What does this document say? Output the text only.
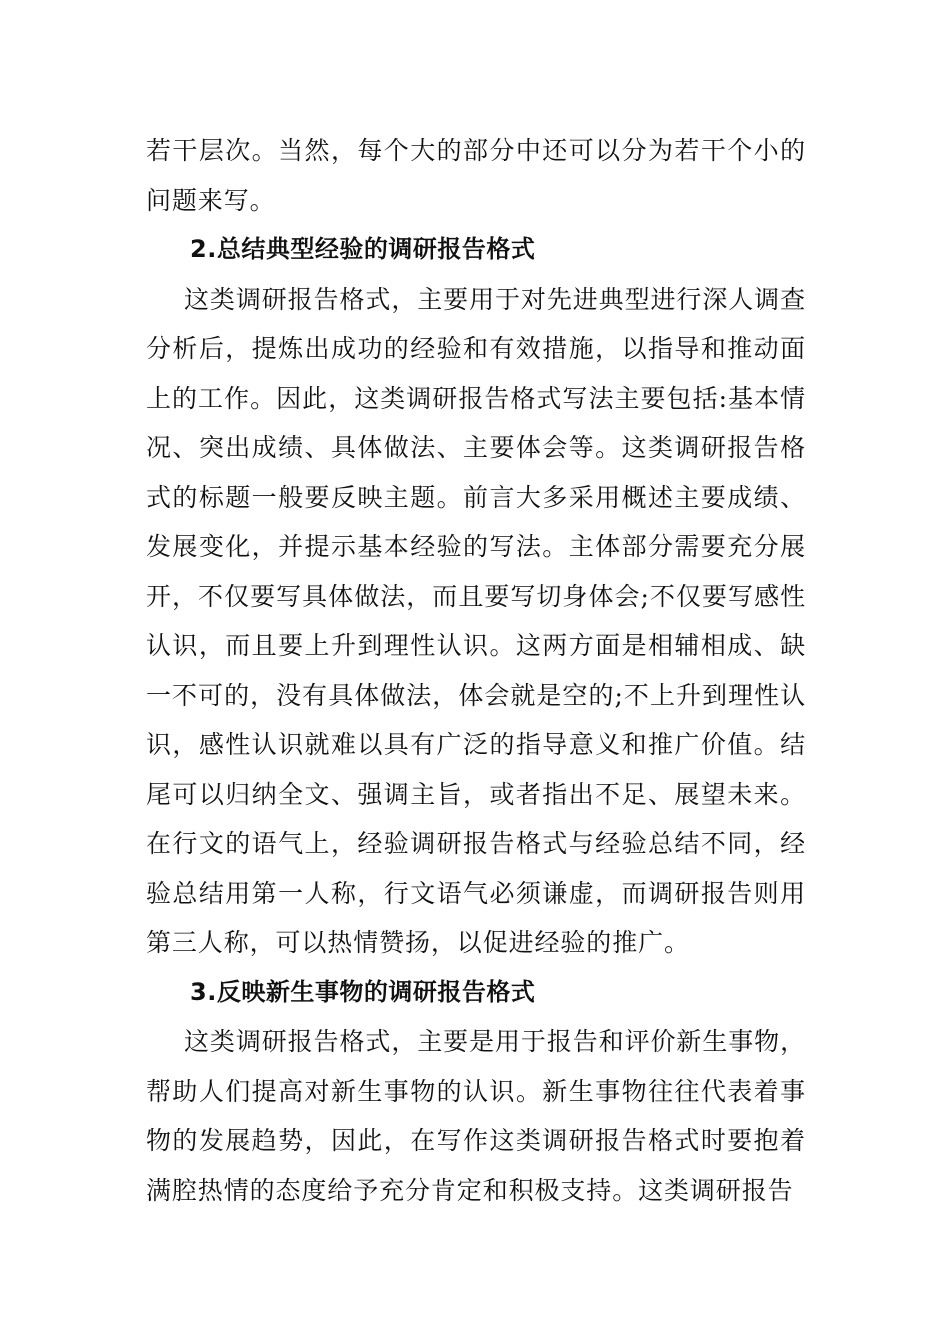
若干层次。当然，每个大的部分中还可以分为若干个小的问题来写。

2.总结典型经验的调研报告格式

这类调研报告格式，主要用于对先进典型进行深人调查分析后，提炼出成功的经验和有效措施，以指导和推动面上的工作。因此，这类调研报告格式写法主要包括:基本情况、突出成绩、具体做法、主要体会等。这类调研报告格式的标题一般要反映主题。前言大多采用概述主要成绩、发展变化，并提示基本经验的写法。主体部分需要充分展开，不仅要写具体做法，而且要写切身体会;不仅要写感性认识，而且要上升到理性认识。这两方面是相辅相成、缺一不可的，没有具体做法，体会就是空的;不上升到理性认识，感性认识就难以具有广泛的指导意义和推广价值。结尾可以归纳全文、强调主旨，或者指出不足、展望未来。在行文的语气上，经验调研报告格式与经验总结不同，经验总结用第一人称，行文语气必须谦虚，而调研报告则用第三人称，可以热情赞扬，以促进经验的推广。

3.反映新生事物的调研报告格式

这类调研报告格式，主要是用于报告和评价新生事物，帮助人们提高对新生事物的认识。新生事物往往代表着事物的发展趋势，因此，在写作这类调研报告格式时要抱着满腔热情的态度给予充分肯定和积极支持。这类调研报告
